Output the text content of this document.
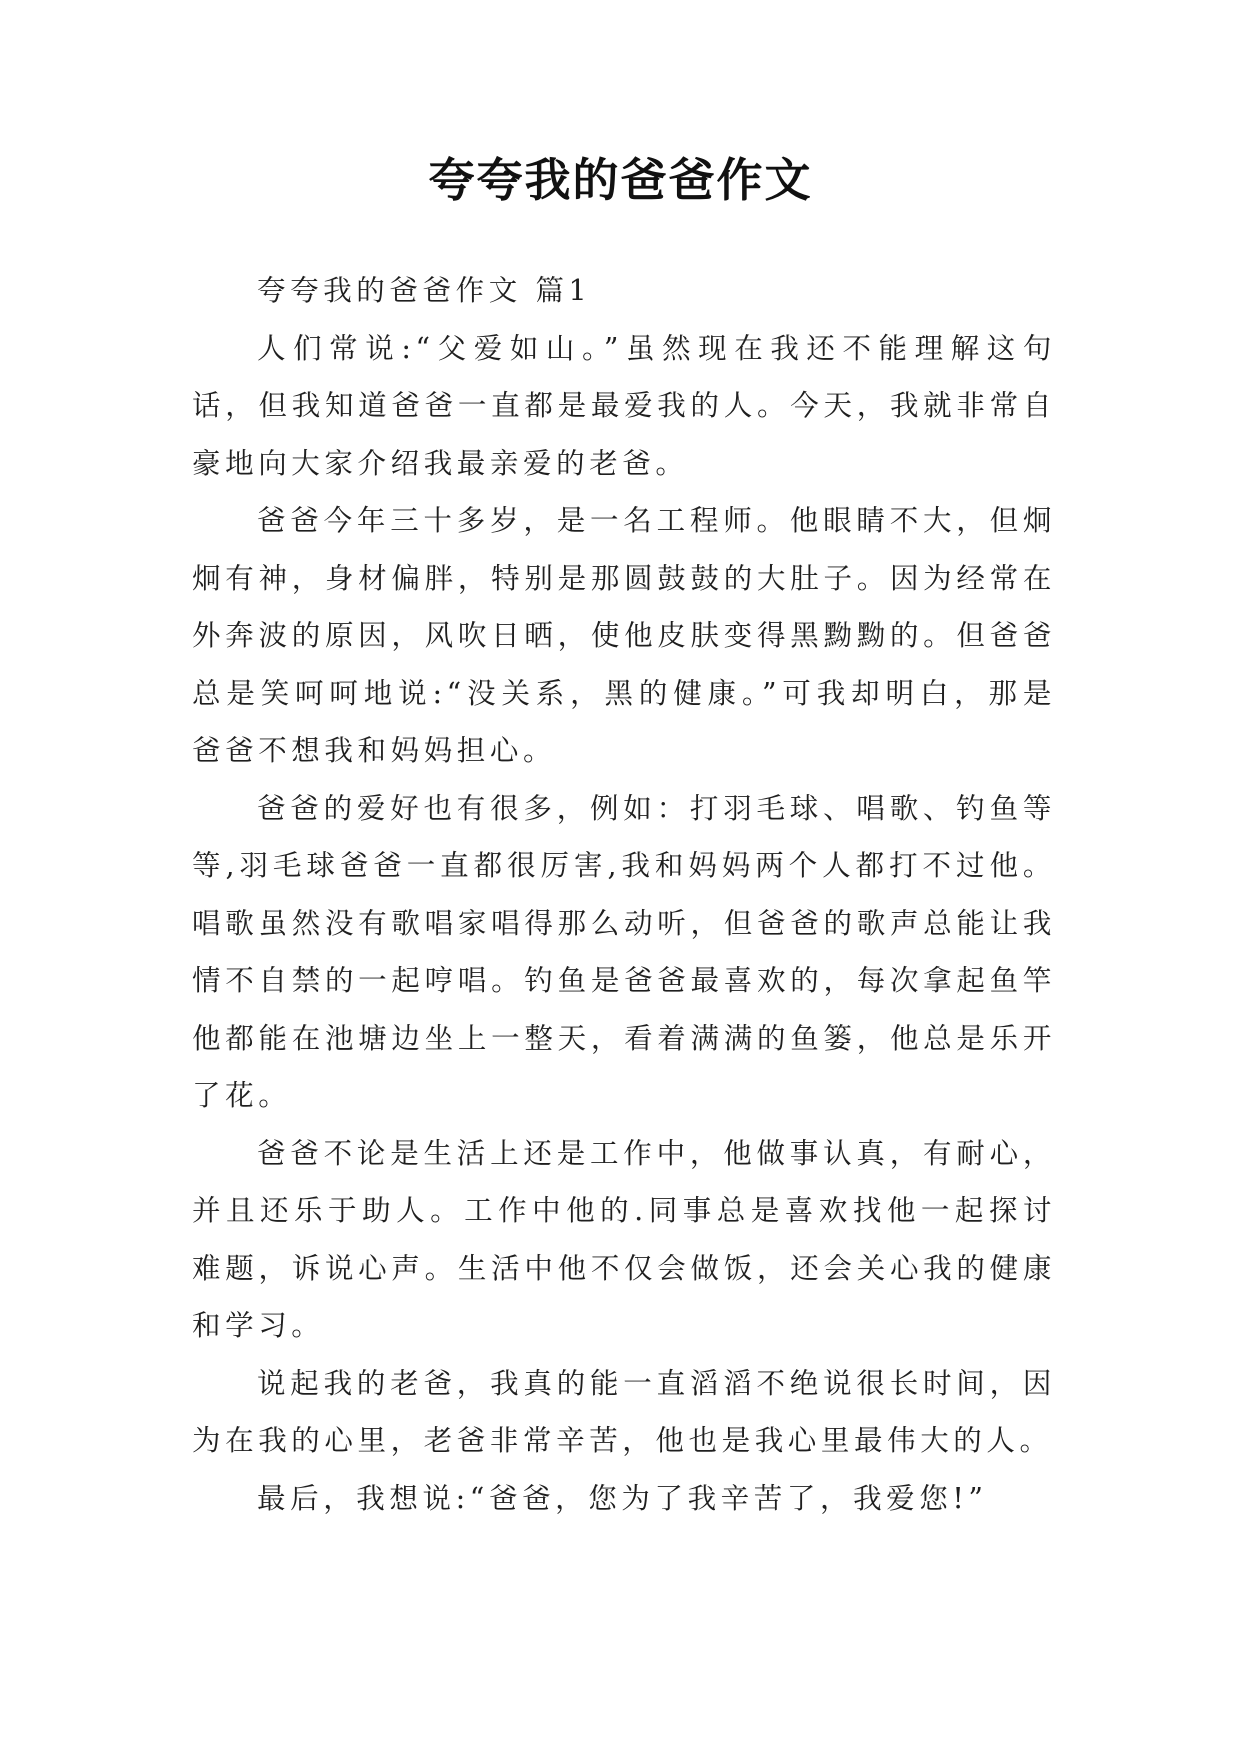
夸夸我的爸爸作文

夸夸我的爸爸作文 篇1

人们常说:“父爱如山。”虽然现在我还不能理解这句话，但我知道爸爸一直都是最爱我的人。今天，我就非常自豪地向大家介绍我最亲爱的老爸。

爸爸今年三十多岁，是一名工程师。他眼睛不大，但炯炯有神，身材偏胖，特别是那圆鼓鼓的大肚子。因为经常在外奔波的原因，风吹日晒，使他皮肤变得黑黝黝的。但爸爸总是笑呵呵地说:“没关系，黑的健康。”可我却明白，那是爸爸不想我和妈妈担心。

爸爸的爱好也有很多，例如：打羽毛球、唱歌、钓鱼等等,羽毛球爸爸一直都很厉害,我和妈妈两个人都打不过他。唱歌虽然没有歌唱家唱得那么动听，但爸爸的歌声总能让我情不自禁的一起哼唱。钓鱼是爸爸最喜欢的，每次拿起鱼竿他都能在池塘边坐上一整天，看着满满的鱼篓，他总是乐开了花。

爸爸不论是生活上还是工作中，他做事认真，有耐心，并且还乐于助人。工作中他的.同事总是喜欢找他一起探讨难题，诉说心声。生活中他不仅会做饭，还会关心我的健康和学习。

说起我的老爸，我真的能一直滔滔不绝说很长时间，因为在我的心里，老爸非常辛苦，他也是我心里最伟大的人。

最后，我想说:“爸爸，您为了我辛苦了，我爱您!”
